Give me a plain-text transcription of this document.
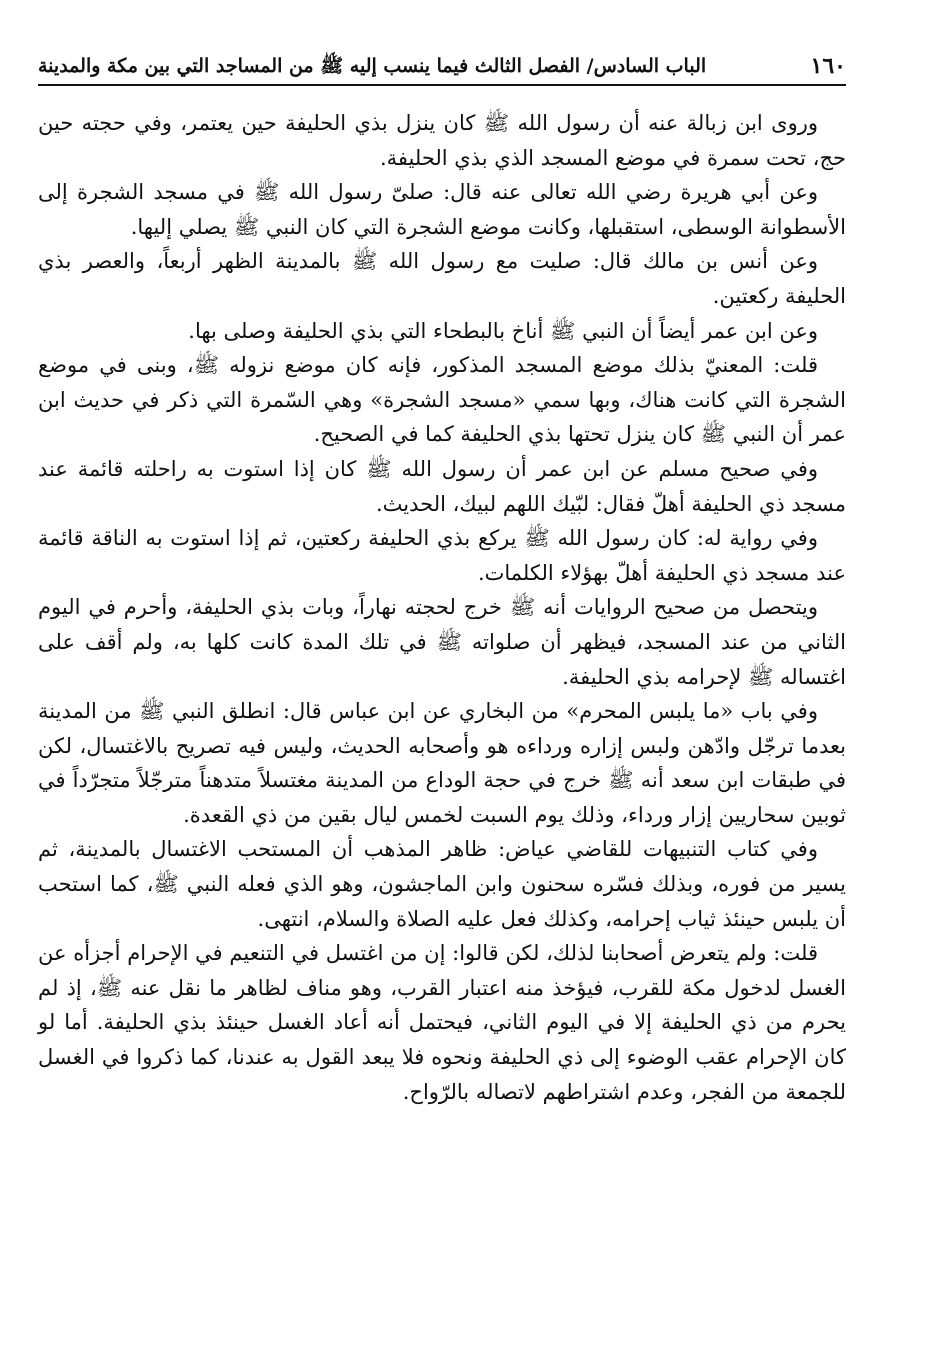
١٦٠
الباب السادس/ الفصل الثالث فيما ينسب إليه ﷺ من المساجد التي بين مكة والمدينة

وروى ابن زبالة عنه أن رسول الله ﷺ كان ينزل بذي الحليفة حين يعتمر، وفي حجته حين حج، تحت سمرة في موضع المسجد الذي بذي الحليفة.

وعن أبي هريرة رضي الله تعالى عنه قال: صلىّ رسول الله ﷺ في مسجد الشجرة إلى الأسطوانة الوسطى، استقبلها، وكانت موضع الشجرة التي كان النبي ﷺ يصلي إليها.

وعن أنس بن مالك قال: صليت مع رسول الله ﷺ بالمدينة الظهر أربعاً، والعصر بذي الحليفة ركعتين.

وعن ابن عمر أيضاً أن النبي ﷺ أناخ بالبطحاء التي بذي الحليفة وصلى بها.

قلت: المعنيّ بذلك موضع المسجد المذكور، فإنه كان موضع نزوله ﷺ، وبنى في موضع الشجرة التي كانت هناك، وبها سمي «مسجد الشجرة» وهي السّمرة التي ذكر في حديث ابن عمر أن النبي ﷺ كان ينزل تحتها بذي الحليفة كما في الصحيح.

وفي صحيح مسلم عن ابن عمر أن رسول الله ﷺ كان إذا استوت به راحلته قائمة عند مسجد ذي الحليفة أهلّ فقال: لبّيك اللهم لبيك، الحديث.

وفي رواية له: كان رسول الله ﷺ يركع بذي الحليفة ركعتين، ثم إذا استوت به الناقة قائمة عند مسجد ذي الحليفة أهلّ بهؤلاء الكلمات.

ويتحصل من صحيح الروايات أنه ﷺ خرج لحجته نهاراً، وبات بذي الحليفة، وأحرم في اليوم الثاني من عند المسجد، فيظهر أن صلواته ﷺ في تلك المدة كانت كلها به، ولم أقف على اغتساله ﷺ لإحرامه بذي الحليفة.

وفي باب «ما يلبس المحرم» من البخاري عن ابن عباس قال: انطلق النبي ﷺ من المدينة بعدما ترجّل وادّهن ولبس إزاره ورداءه هو وأصحابه الحديث، وليس فيه تصريح بالاغتسال، لكن في طبقات ابن سعد أنه ﷺ خرج في حجة الوداع من المدينة مغتسلاً متدهناً مترجّلاً متجرّداً في ثوبين سحاريين إزار ورداء، وذلك يوم السبت لخمس ليال بقين من ذي القعدة.

وفي كتاب التنبيهات للقاضي عياض: ظاهر المذهب أن المستحب الاغتسال بالمدينة، ثم يسير من فوره، وبذلك فسّره سحنون وابن الماجشون، وهو الذي فعله النبي ﷺ، كما استحب أن يلبس حينئذ ثياب إحرامه، وكذلك فعل عليه الصلاة والسلام، انتهى.

قلت: ولم يتعرض أصحابنا لذلك، لكن قالوا: إن من اغتسل في التنعيم في الإحرام أجزأه عن الغسل لدخول مكة للقرب، فيؤخذ منه اعتبار القرب، وهو مناف لظاهر ما نقل عنه ﷺ، إذ لم يحرم من ذي الحليفة إلا في اليوم الثاني، فيحتمل أنه أعاد الغسل حينئذ بذي الحليفة. أما لو كان الإحرام عقب الوضوء إلى ذي الحليفة ونحوه فلا يبعد القول به عندنا، كما ذكروا في الغسل للجمعة من الفجر، وعدم اشتراطهم لاتصاله بالرّواح.
